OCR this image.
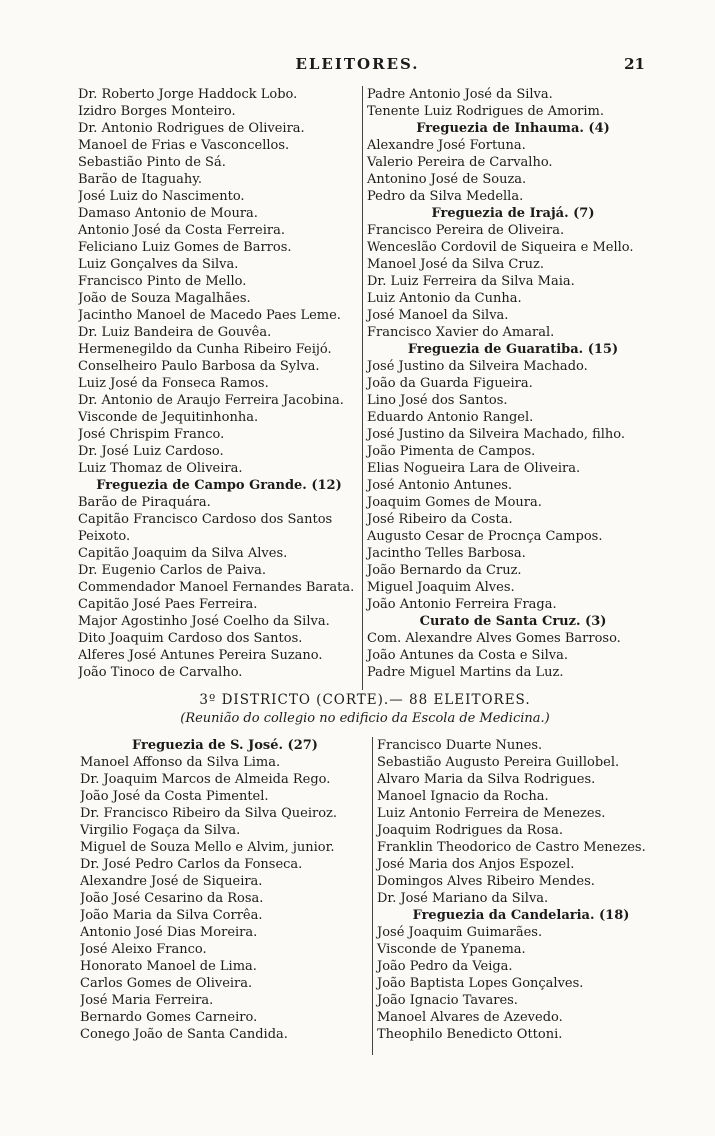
ELEITORES.	21
Dr. Roberto Jorge Haddock Lobo.
Izidro Borges Monteiro.
Dr. Antonio Rodrigues de Oliveira.
Manoel de Frias e Vasconcellos.
Sebastião Pinto de Sá.
Barão de Itaguahy.
José Luiz do Nascimento.
Damaso Antonio de Moura.
Antonio José da Costa Ferreira.
Feliciano Luiz Gomes de Barros.
Luiz Gonçalves da Silva.
Francisco Pinto de Mello.
João de Souza Magalhães.
Jacintho Manoel de Macedo Paes Leme.
Dr. Luiz Bandeira de Gouvêa.
Hermenegildo da Cunha Ribeiro Feijó.
Conselheiro Paulo Barbosa da Sylva.
Luiz José da Fonseca Ramos.
Dr. Antonio de Araujo Ferreira Jacobina.
Visconde de Jequitinhonha.
José Chrispim Franco.
Dr. José Luiz Cardoso.
Luiz Thomaz de Oliveira.
Freguezia de Campo Grande. (12)
Barão de Piraquára.
Capitão Francisco Cardoso dos Santos
Peixoto.
Capitão Joaquim da Silva Alves.
Dr. Eugenio Carlos de Paiva.
Commendador Manoel Fernandes Barata.
Capitão José Paes Ferreira.
Major Agostinho José Coelho da Silva.
Dito Joaquim Cardoso dos Santos.
Alferes José Antunes Pereira Suzano.
João Tinoco de Carvalho.
Padre Antonio José da Silva.
Tenente Luiz Rodrigues de Amorim.
Freguezia de Inhauma. (4)
Alexandre José Fortuna.
Valerio Pereira de Carvalho.
Antonino José de Souza.
Pedro da Silva Medella.
Freguezia de Irajá. (7)
Francisco Pereira de Oliveira.
Wenceslão Cordovil de Siqueira e Mello.
Manoel José da Silva Cruz.
Dr. Luiz Ferreira da Silva Maia.
Luiz Antonio da Cunha.
José Manoel da Silva.
Francisco Xavier do Amaral.
Freguezia de Guaratiba. (15)
José Justino da Silveira Machado.
João da Guarda Figueira.
Lino José dos Santos.
Eduardo Antonio Rangel.
José Justino da Silveira Machado, filho.
João Pimenta de Campos.
Elias Nogueira Lara de Oliveira.
José Antonio Antunes.
Joaquim Gomes de Moura.
José Ribeiro da Costa.
Augusto Cesar de Procnça Campos.
Jacintho Telles Barbosa.
João Bernardo da Cruz.
Miguel Joaquim Alves.
João Antonio Ferreira Fraga.
Curato de Santa Cruz. (3)
Com. Alexandre Alves Gomes Barroso.
João Antunes da Costa e Silva.
Padre Miguel Martins da Luz.
3º DISTRICTO (CORTE).— 88 ELEITORES.
(Reunião do collegio no edificio da Escola de Medicina.)
Freguezia de S. José. (27)
Manoel Affonso da Silva Lima.
Dr. Joaquim Marcos de Almeida Rego.
João José da Costa Pimentel.
Dr. Francisco Ribeiro da Silva Queiroz.
Virgilio Fogaça da Silva.
Miguel de Souza Mello e Alvim, junior.
Dr. José Pedro Carlos da Fonseca.
Alexandre José de Siqueira.
João José Cesarino da Rosa.
João Maria da Silva Corrêa.
Antonio José Dias Moreira.
José Aleixo Franco.
Honorato Manoel de Lima.
Carlos Gomes de Oliveira.
José Maria Ferreira.
Bernardo Gomes Carneiro.
Conego João de Santa Candida.
Francisco Duarte Nunes.
Sebastião Augusto Pereira Guillobel.
Alvaro Maria da Silva Rodrigues.
Manoel Ignacio da Rocha.
Luiz Antonio Ferreira de Menezes.
Joaquim Rodrigues da Rosa.
Franklin Theodorico de Castro Menezes.
José Maria dos Anjos Espozel.
Domingos Alves Ribeiro Mendes.
Dr. José Mariano da Silva.
Freguezia da Candelaria. (18)
José Joaquim Guimarães.
Visconde de Ypanema.
João Pedro da Veiga.
João Baptista Lopes Gonçalves.
João Ignacio Tavares.
Manoel Alvares de Azevedo.
Theophilo Benedicto Ottoni.
